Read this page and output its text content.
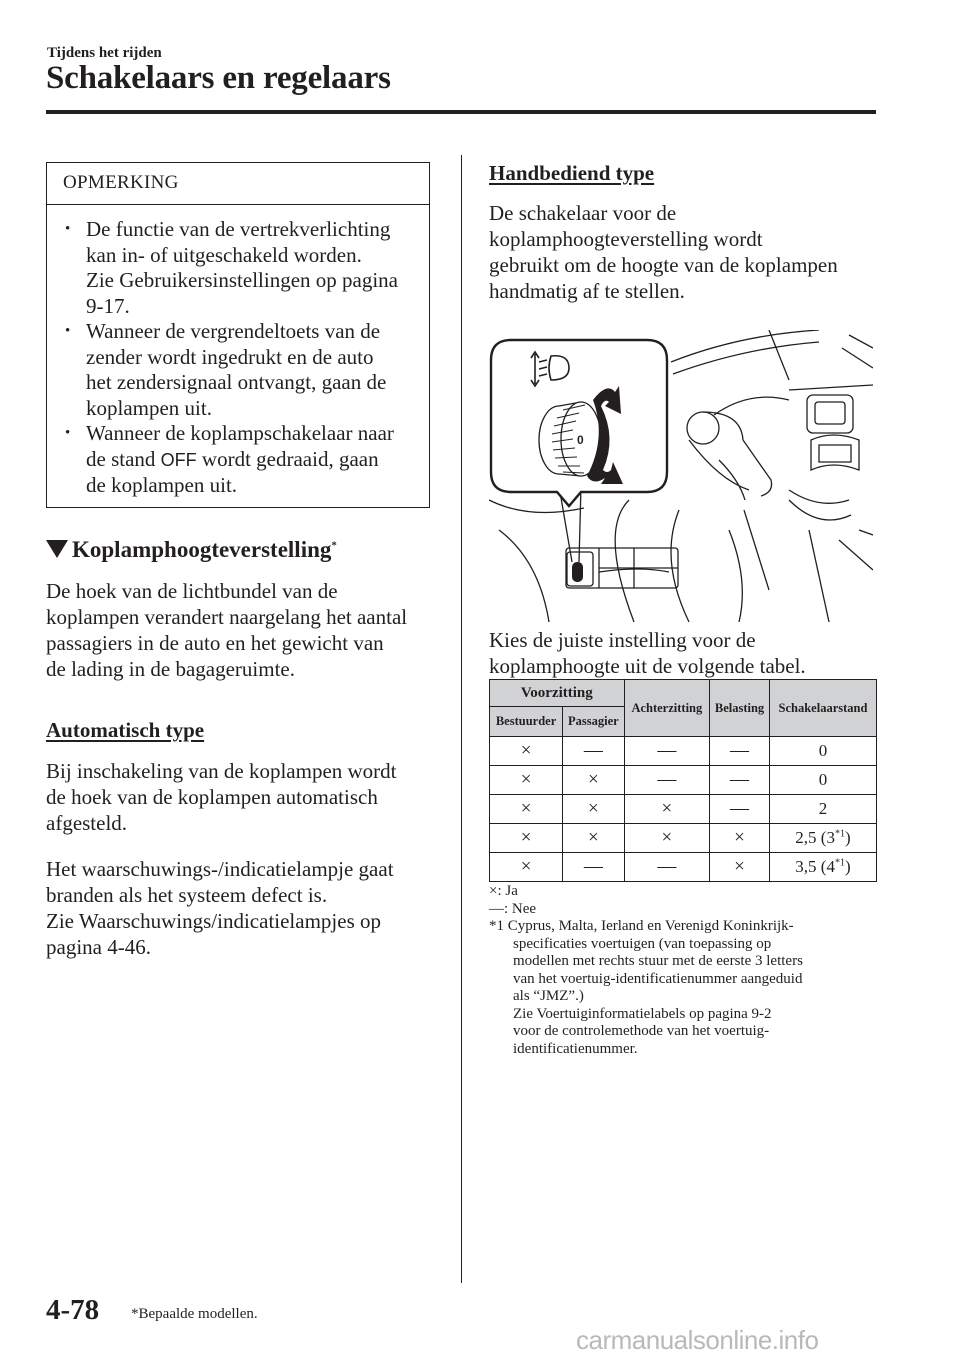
Tijdens het rijden
Schakelaars en regelaars
OPMERKING
• De functie van de vertrekverlichting
kan in- of uitgeschakeld worden.
Zie Gebruikersinstellingen op pagina
9-17.
• Wanneer de vergrendeltoets van de
zender wordt ingedrukt en de auto
het zendersignaal ontvangt, gaan de
koplampen uit.
• Wanneer de koplampschakelaar naar
de stand OFF wordt gedraaid, gaan
de koplampen uit.
Koplamphoogteverstelling*
De hoek van de lichtbundel van de
koplampen verandert naargelang het aantal
passagiers in de auto en het gewicht van
de lading in de bagageruimte.
Automatisch type
Bij inschakeling van de koplampen wordt
de hoek van de koplampen automatisch
afgesteld.
Het waarschuwings-/indicatielampje gaat
branden als het systeem defect is.
Zie Waarschuwings/indicatielampjes op
pagina 4-46.
Handbediend type
De schakelaar voor de
koplamphoogteverstelling wordt
gebruikt om de hoogte van de koplampen
handmatig af te stellen.
0
Kies de juiste instelling voor de
koplamphoogte uit de volgende tabel.
Voorzitting		Achterzitting	Belasting	Schakelaarstand
Bestuurder	Passagier			
×	—	—	—	0
×	×	—	—	0
×	×	×	—	2
×	×	×	×	2,5 $(3^{*1})$
×	—	—	×	3,5 $(4^{*1})$
×: Ja
—: Nee
*1 Cyprus, Malta, Ierland en Verenigd Koninkrijk-
specificaties voertuigen (van toepassing op
modellen met rechts stuur met de eerste 3 letters
van het voertuig-identificatienummer aangeduid
als “JMZ”.)
Zie Voertuiginformatielabels op pagina 9-2
voor de controlemethode van het voertuig-
identificatienummer.
4-78 *Bepaalde modellen.
carmanualsonline.info
